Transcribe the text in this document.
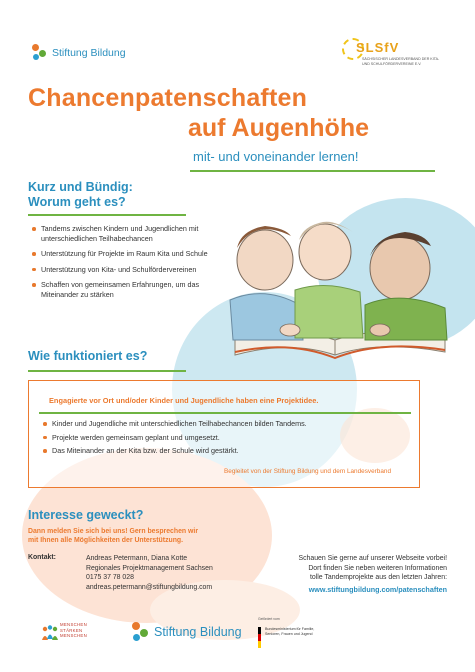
Stiftung Bildung	SLSfV
SÄCHSISCHER LANDESVERBAND DER KITA- UND SCHULFÖRDERVEREINE E.V.
Chancenpatenschaften
auf Augenhöhe
mit- und voneinander lernen!
Kurz und Bündig:
Worum geht es?
Tandems zwischen Kindern und Jugendlichen mit unterschiedlichen Teilhabechancen
Unterstützung für Projekte im Raum Kita und Schule
Unterstützung von Kita- und Schulfördervereinen
Schaffen von gemeinsamen Erfahrungen, um das Miteinander zu stärken
Wie funktioniert es?
Engagierte vor Ort und/oder Kinder und Jugendliche haben eine Projektidee.
Kinder und Jugendliche mit unterschiedlichen Teilhabechancen bilden Tandems.
Projekte werden gemeinsam geplant und umgesetzt.
Das Miteinander an der Kita bzw. der Schule wird gestärkt.
Begleitet von der Stiftung Bildung und dem Landesverband
Interesse geweckt?
Dann melden Sie sich bei uns! Gern besprechen wir
mit Ihnen alle Möglichkeiten der Unterstützung.
Kontakt:	Andreas Petermann, Diana Kotte
Regionales Projektmanagement Sachsen
0175 37 78 028
andreas.petermann@stiftungbildung.com
Schauen Sie gerne auf unserer Webseite vorbei!
Dort finden Sie neben weiteren Informationen
tolle Tandemprojekte aus den letzten Jahren:
www.stiftungbildung.com/patenschaften
MENSCHEN
STÄRKEN
MENSCHEN	Stiftung Bildung
Gefördert vom
Bundesministerium für Familie, Senioren, Frauen und Jugend
